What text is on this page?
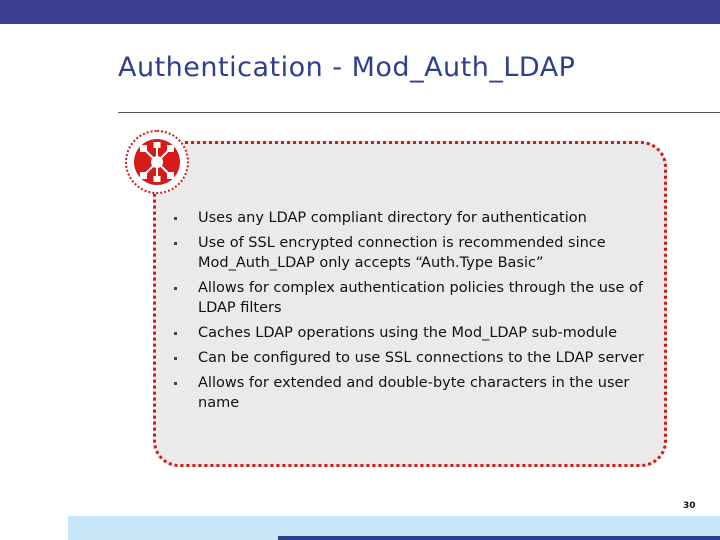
Authentication - Mod_Auth_LDAP
Uses any LDAP compliant directory for authentication
Use of SSL encrypted connection is recommended since Mod_Auth_LDAP only accepts “Auth.Type Basic”
Allows for complex authentication policies through the use of LDAP filters
Caches LDAP operations using the Mod_LDAP sub-module
Can be configured to use SSL connections to the LDAP server
Allows for extended and double-byte characters in the user name
30
